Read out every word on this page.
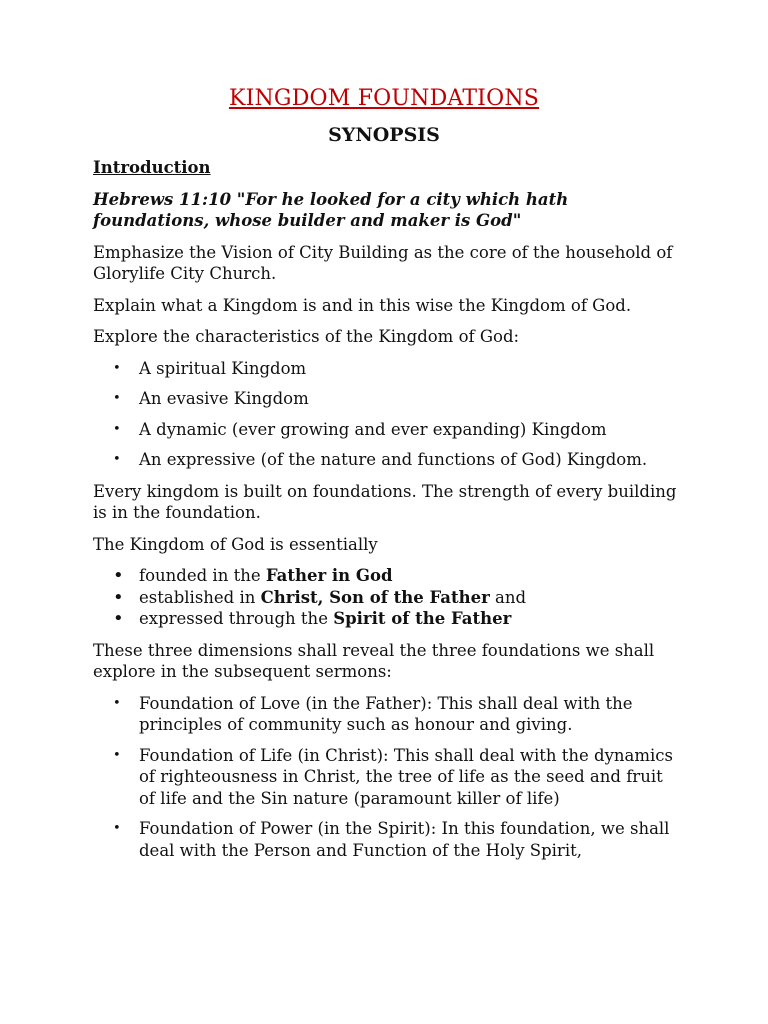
KINGDOM FOUNDATIONS
SYNOPSIS

Introduction

Hebrews 11:10 "For he looked for a city which hath foundations, whose builder and maker is God"

Emphasize the Vision of City Building as the core of the household of Glorylife City Church.

Explain what a Kingdom is and in this wise the Kingdom of God.

Explore the characteristics of the Kingdom of God:

• A spiritual Kingdom
• An evasive Kingdom
• A dynamic (ever growing and ever expanding) Kingdom
• An expressive (of the nature and functions of God) Kingdom.

Every kingdom is built on foundations. The strength of every building is in the foundation.

The Kingdom of God is essentially

• founded in the Father in God
• established in Christ, Son of the Father and
• expressed through the Spirit of the Father

These three dimensions shall reveal the three foundations we shall explore in the subsequent sermons:

• Foundation of Love (in the Father): This shall deal with the principles of community such as honour and giving.
• Foundation of Life (in Christ): This shall deal with the dynamics of righteousness in Christ, the tree of life as the seed and fruit of life and the Sin nature (paramount killer of life)
• Foundation of Power (in the Spirit): In this foundation, we shall deal with the Person and Function of the Holy Spirit,
